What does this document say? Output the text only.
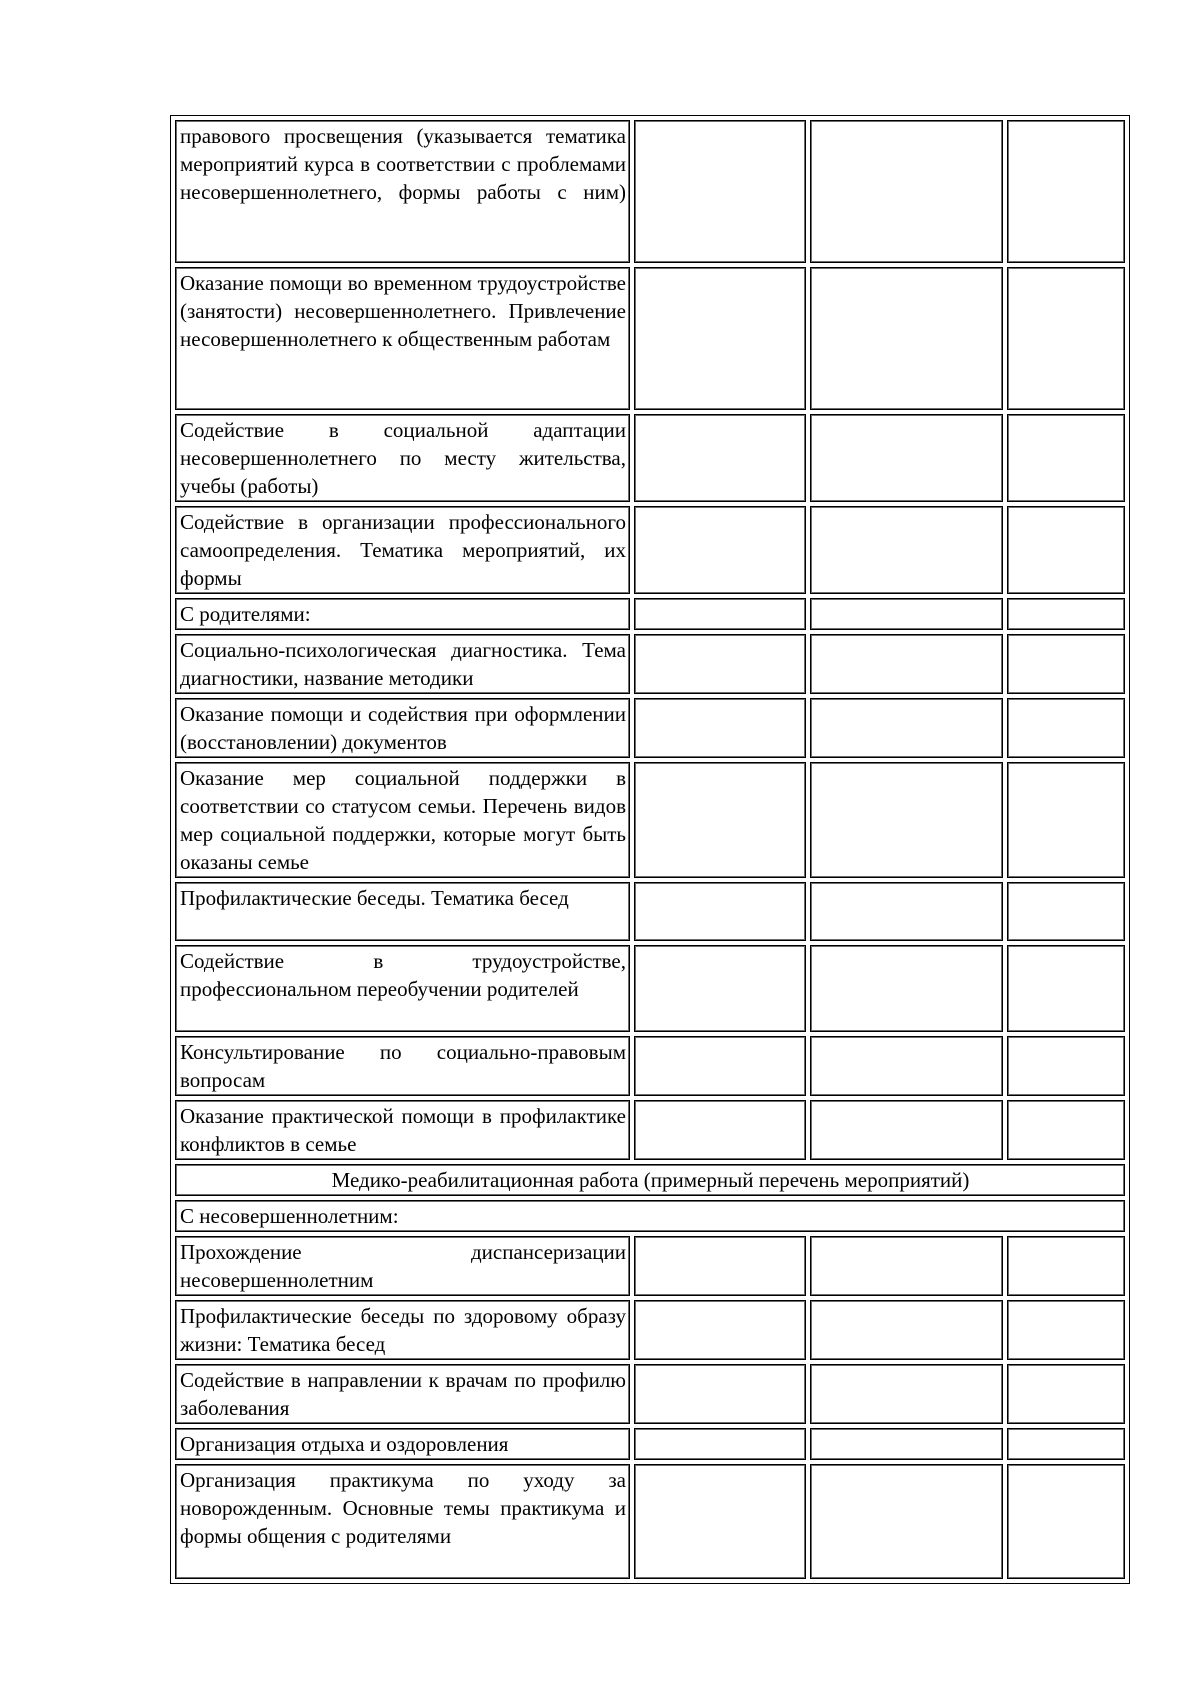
правового просвещения (указывается тематика мероприятий курса в соответствии с проблемами несовершеннолетнего, формы работы с ним)			
Оказание помощи во временном трудоустройстве (занятости) несовершеннолетнего. Привлечение несовершеннолетнего к общественным работам			
Содействие в социальной адаптации несовершеннолетнего по месту жительства, учебы (работы)			
Содействие в организации профессионального самоопределения. Тематика мероприятий, их формы			
С родителями:			
Социально-психологическая диагностика. Тема диагностики, название методики			
Оказание помощи и содействия при оформлении (восстановлении) документов			
Оказание мер социальной поддержки в соответствии со статусом семьи. Перечень видов мер социальной поддержки, которые могут быть оказаны семье			
Профилактические беседы. Тематика бесед			
Содействие в трудоустройстве, профессиональном переобучении родителей			
Консультирование по социально-правовым вопросам			
Оказание практической помощи в профилактике конфликтов в семье			
Медико-реабилитационная работа (примерный перечень мероприятий)			
С несовершеннолетним:			
Прохождение диспансеризации несовершеннолетним			
Профилактические беседы по здоровому образу жизни: Тематика бесед			
Содействие в направлении к врачам по профилю заболевания			
Организация отдыха и оздоровления			
Организация практикума по уходу за новорожденным. Основные темы практикума и формы общения с родителями			
